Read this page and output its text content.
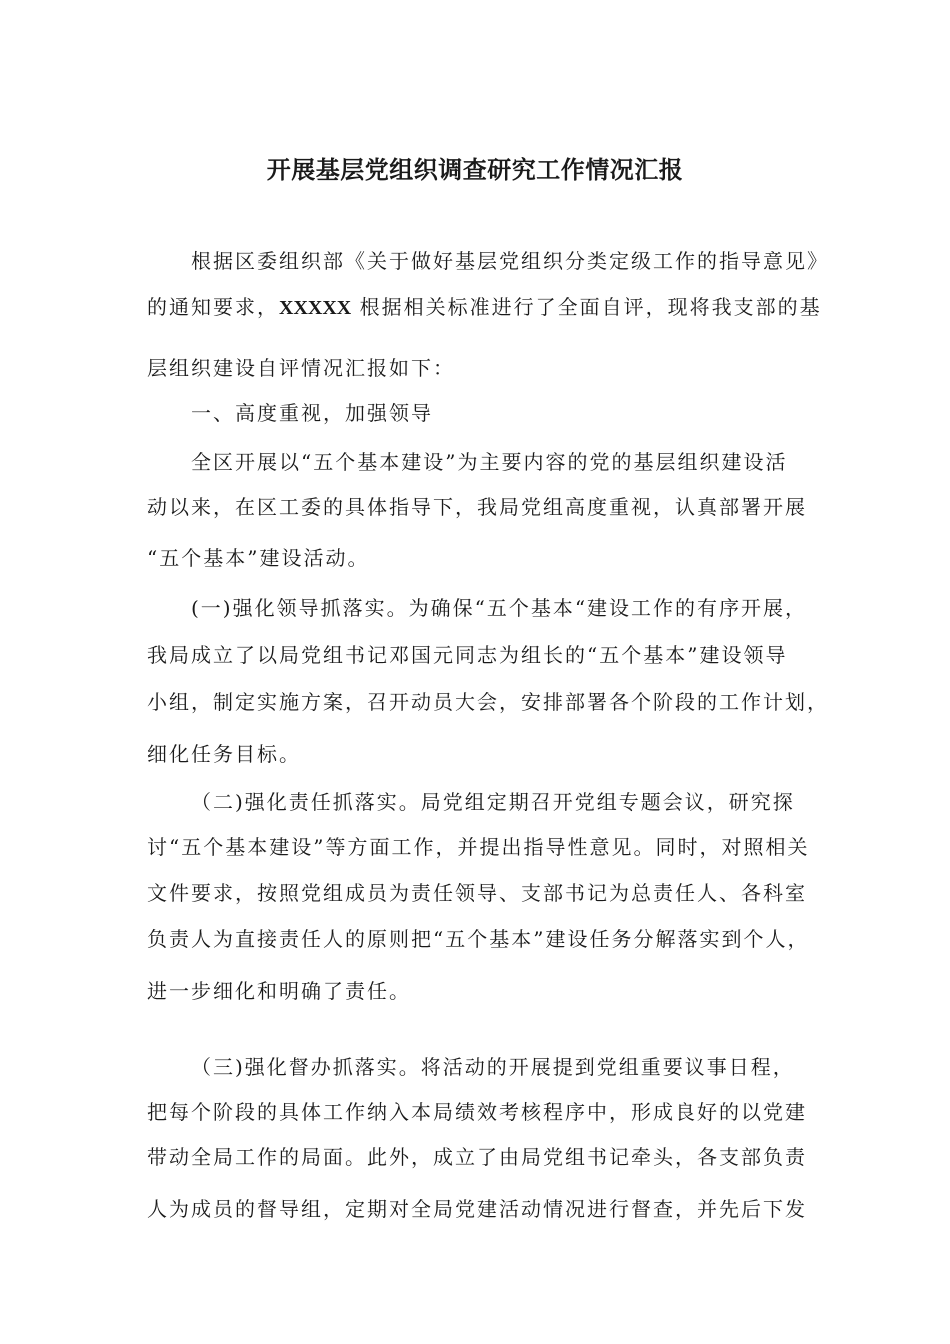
开展基层党组织调查研究工作情况汇报
根据区委组织部《关于做好基层党组织分类定级工作的指导意见》
的通知要求，XXXXX 根据相关标准进行了全面自评，现将我支部的基
层组织建设自评情况汇报如下：
一、高度重视，加强领导
全区开展以“五个基本建设”为主要内容的党的基层组织建设活
动以来，在区工委的具体指导下，我局党组高度重视，认真部署开展
“五个基本”建设活动。
(一)强化领导抓落实。为确保“五个基本“建设工作的有序开展，
我局成立了以局党组书记邓国元同志为组长的“五个基本”建设领导
小组，制定实施方案，召开动员大会，安排部署各个阶段的工作计划，
细化任务目标。
（二)强化责任抓落实。局党组定期召开党组专题会议，研究探
讨“五个基本建设”等方面工作，并提出指导性意见。同时，对照相关
文件要求，按照党组成员为责任领导、支部书记为总责任人、各科室
负责人为直接责任人的原则把“五个基本”建设任务分解落实到个人，
进一步细化和明确了责任。
（三)强化督办抓落实。将活动的开展提到党组重要议事日程，
把每个阶段的具体工作纳入本局绩效考核程序中，形成良好的以党建
带动全局工作的局面。此外，成立了由局党组书记牵头，各支部负责
人为成员的督导组，定期对全局党建活动情况进行督查，并先后下发
